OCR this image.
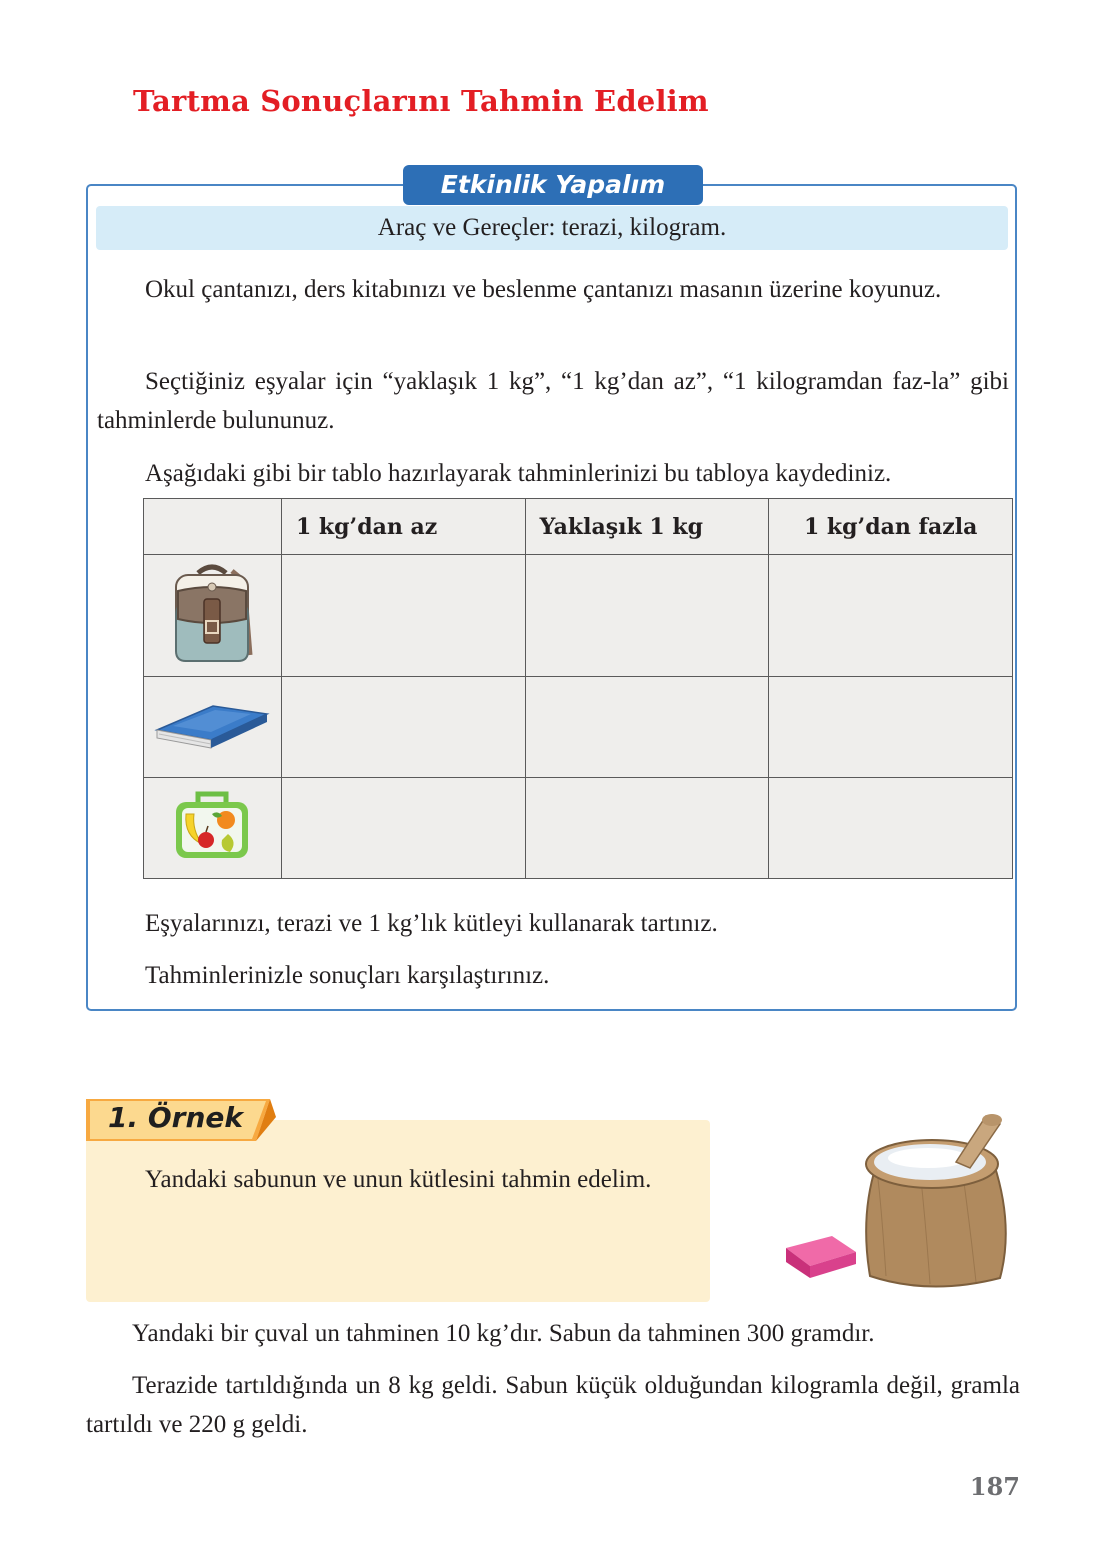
Tartma Sonuçlarını Tahmin Edelim
Etkinlik Yapalım
Araç ve Gereçler: terazi, kilogram.

Okul çantanızı, ders kitabınızı ve beslenme çantanızı masanın üzerine koyunuz.

Seçtiğiniz eşyalar için “yaklaşık 1 kg”, “1 kg’dan az”, “1 kilogramdan faz-la” gibi tahminlerde bulununuz.

Aşağıdaki gibi bir tablo hazırlayarak tahminlerinizi bu tabloya kaydediniz.

	1 kg’dan az	Yaklaşık 1 kg	1 kg’dan fazla

Eşyalarınızı, terazi ve 1 kg’lık kütleyi kullanarak tartınız.

Tahminlerinizle sonuçları karşılaştırınız.

1. Örnek

Yandaki sabunun ve unun kütlesini tahmin edelim.

Yandaki bir çuval un tahminen 10 kg’dır. Sabun da tahminen 300 gramdır.

Terazide tartıldığında un 8 kg geldi. Sabun küçük olduğundan kilogramla değil, gramla tartıldı ve 220 g geldi.

187
